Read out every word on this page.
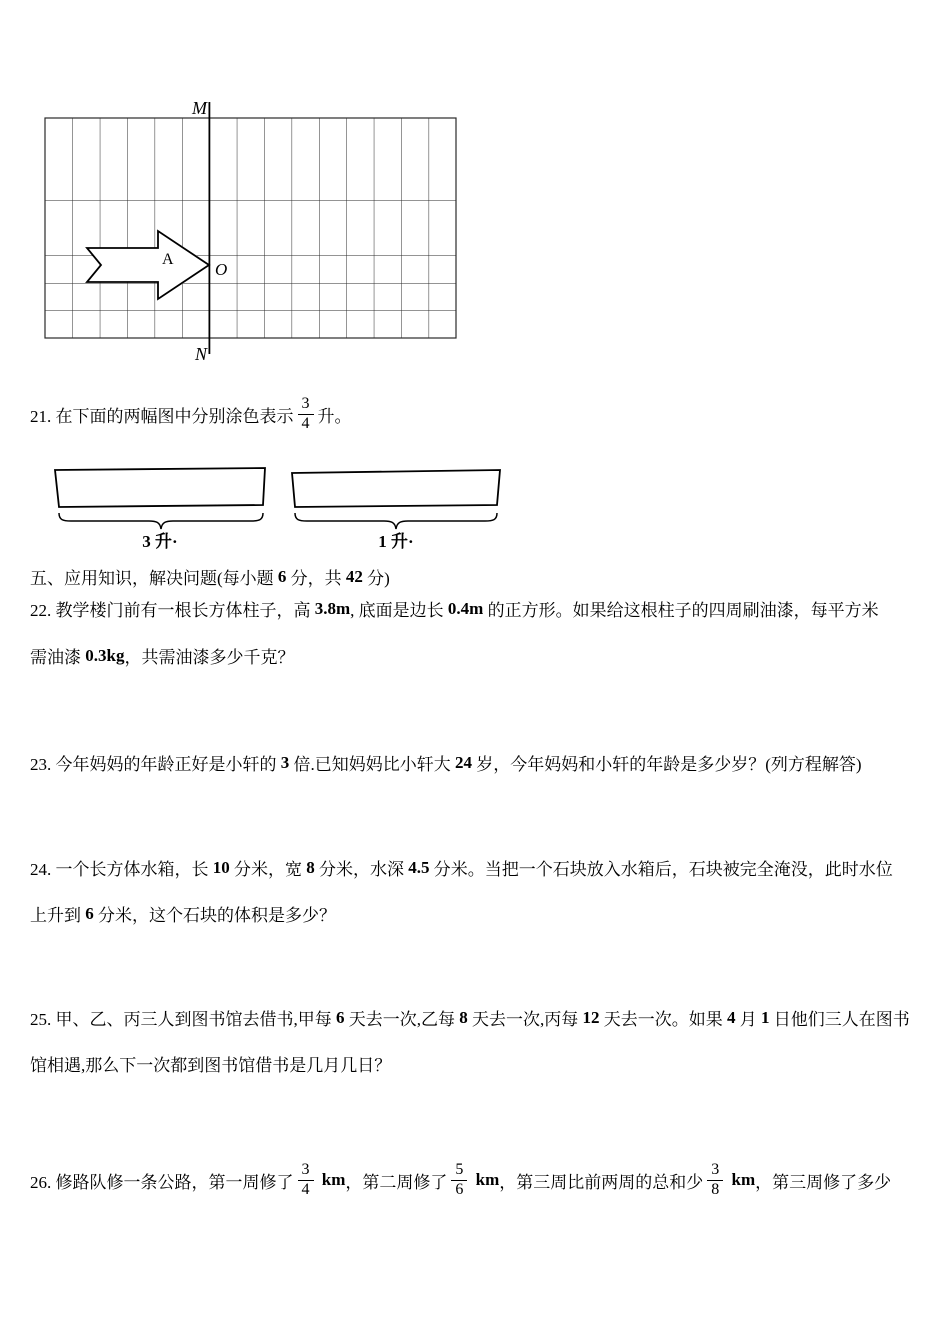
M
N
A
O
21. 在下面的两幅图中分别涂色表示 $\frac{3}{4}$ 升。
3 升·	1 升·
五、应用知识，解决问题(每小题 6 分，共 42 分)
22. 教学楼门前有一根长方体柱子，高 3.8m , 底面是边长 0.4m 的正方形。如果给这根柱子的四周刷油漆，每平方米
需油漆 0.3kg ，共需油漆多少千克？
23. 今年妈妈的年龄正好是小轩的 3 倍.已知妈妈比小轩大 24 岁，今年妈妈和小轩的年龄是多少岁？(列方程解答)
24. 一个长方体水箱，长 10 分米，宽 8 分米，水深 4.5 分米。当把一个石块放入水箱后，石块被完全淹没，此时水位
上升到 6 分米，这个石块的体积是多少？
25. 甲、乙、丙三人到图书馆去借书,甲每 6 天去一次,乙每 8 天去一次,丙每 12 天去一次。如果 4 月 1 日他们三人在图书
馆相遇,那么下一次都到图书馆借书是几月几日？
26. 修路队修一条公路，第一周修了 $\frac{3}{4}$ km ，第二周修了 $\frac{5}{6}$ km ，第三周比前两周的总和少 $\frac{3}{8}$ km ，第三周修了多少
